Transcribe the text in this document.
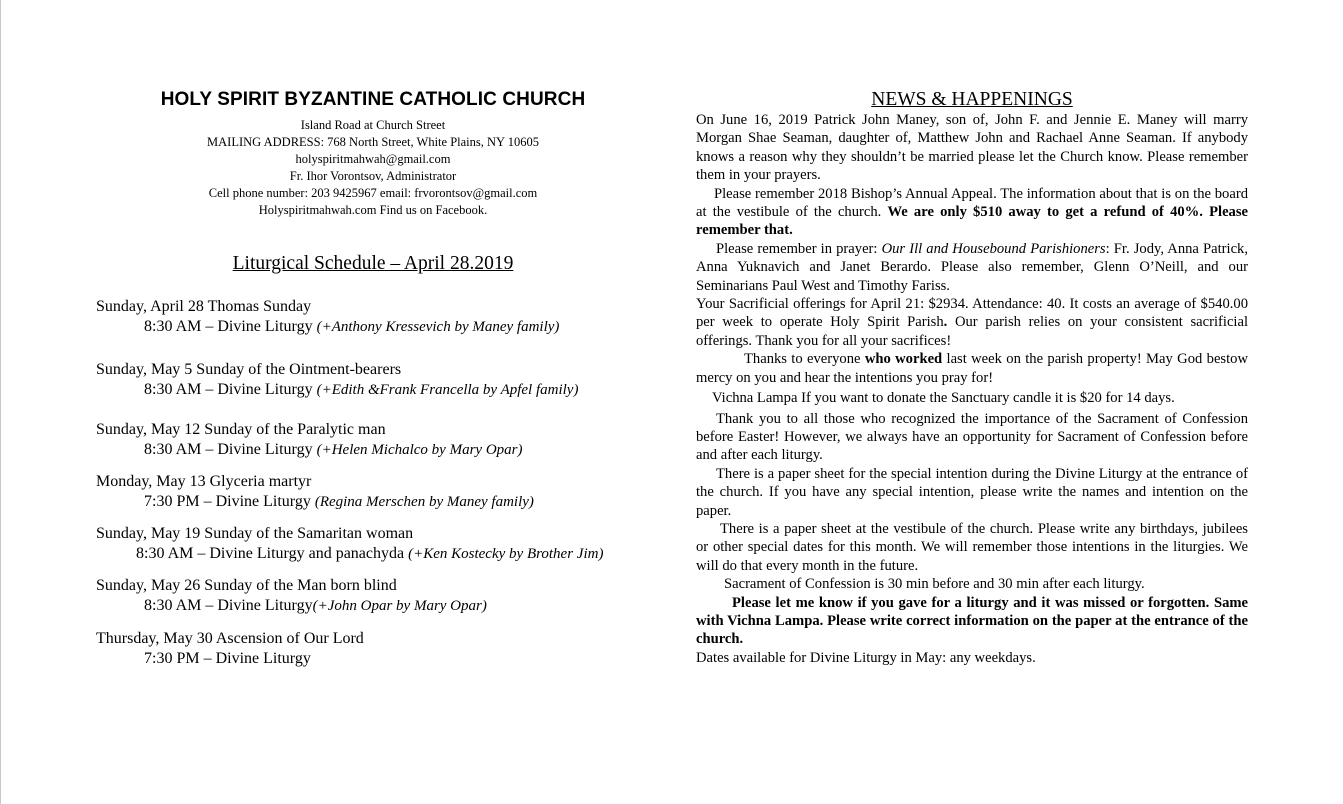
HOLY SPIRIT BYZANTINE CATHOLIC CHURCH
Island Road at Church Street
MAILING ADDRESS: 768 North Street, White Plains, NY 10605
holyspiritmahwah@gmail.com
Fr. Ihor Vorontsov, Administrator
Cell phone number: 203 9425967 email: frvorontsov@gmail.com
Holyspiritmahwah.com Find us on Facebook.
Liturgical Schedule – April 28.2019
Sunday, April 28 Thomas Sunday
8:30 AM – Divine Liturgy (+Anthony Kressevich by Maney family)
Sunday, May 5 Sunday of the Ointment-bearers
8:30 AM – Divine Liturgy (+Edith &Frank Francella by Apfel family)
Sunday, May 12 Sunday of the Paralytic man
8:30 AM – Divine Liturgy (+Helen Michalco by Mary Opar)
Monday, May 13 Glyceria martyr
7:30 PM – Divine Liturgy (Regina Merschen by Maney family)
Sunday, May 19 Sunday of the Samaritan woman
8:30 AM – Divine Liturgy and panachyda (+Ken Kostecky by Brother Jim)
Sunday, May 26 Sunday of the Man born blind
8:30 AM – Divine Liturgy(+John Opar by Mary Opar)
Thursday, May 30 Ascension of Our Lord
7:30 PM – Divine Liturgy
NEWS & HAPPENINGS

On June 16, 2019 Patrick John Maney, son of, John F. and Jennie E. Maney will marry Morgan Shae Seaman, daughter of, Matthew John and Rachael Anne Seaman. If anybody knows a reason why they shouldn’t be married please let the Church know. Please remember them in your prayers.

Please remember 2018 Bishop’s Annual Appeal. The information about that is on the board at the vestibule of the church. We are only $510 away to get a refund of 40%. Please remember that.

Please remember in prayer: Our Ill and Housebound Parishioners: Fr. Jody, Anna Patrick, Anna Yuknavich and Janet Berardo. Please also remember, Glenn O’Neill, and our Seminarians Paul West and Timothy Fariss.

Your Sacrificial offerings for April 21: $2934. Attendance: 40. It costs an average of $540.00 per week to operate Holy Spirit Parish. Our parish relies on your consistent sacrificial offerings. Thank you for all your sacrifices!

Thanks to everyone who worked last week on the parish property! May God bestow mercy on you and hear the intentions you pray for!

Vichna Lampa If you want to donate the Sanctuary candle it is $20 for 14 days.

Thank you to all those who recognized the importance of the Sacrament of Confession before Easter! However, we always have an opportunity for Sacrament of Confession before and after each liturgy.

There is a paper sheet for the special intention during the Divine Liturgy at the entrance of the church. If you have any special intention, please write the names and intention on the paper.

There is a paper sheet at the vestibule of the church. Please write any birthdays, jubilees or other special dates for this month. We will remember those intentions in the liturgies. We will do that every month in the future.

Sacrament of Confession is 30 min before and 30 min after each liturgy.

Please let me know if you gave for a liturgy and it was missed or forgotten. Same with Vichna Lampa. Please write correct information on the paper at the entrance of the church.

Dates available for Divine Liturgy in May: any weekdays.
